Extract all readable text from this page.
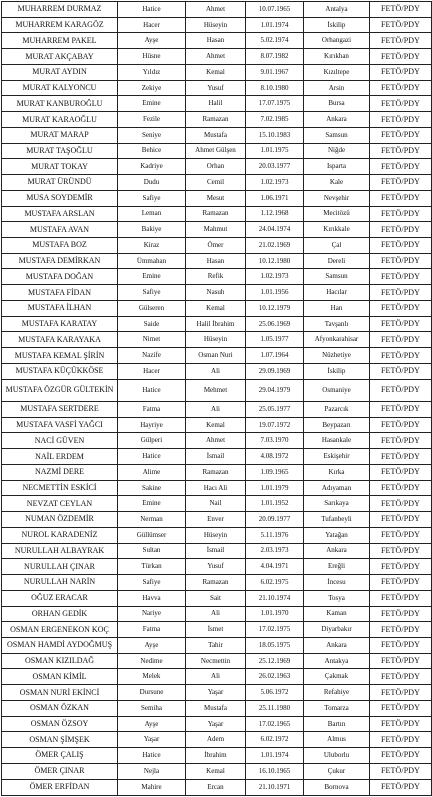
MUHARREM DURMAZ	Hatice	Ahmet	10.07.1965	Antalya	FETÖ/PDY
MUHARREM KARAGÖZ	Hacer	Hüseyin	1.01.1974	İskilip	FETÖ/PDY
MUHARREM PAKEL	Ayşe	Hasan	5.02.1974	Orhangazi	FETÖ/PDY
MURAT AKÇABAY	Hüsne	Ahmet	8.07.1982	Kırıkhan	FETÖ/PDY
MURAT AYDIN	Yıldız	Kemal	9.01.1967	Kızıltepe	FETÖ/PDY
MURAT KALYONCU	Zekiye	Yusuf	8.10.1980	Arsin	FETÖ/PDY
MURAT KANBUROĞLU	Emine	Halil	17.07.1975	Bursa	FETÖ/PDY
MURAT KARAOĞLU	Fezile	Ramazan	7.02.1985	Ankara	FETÖ/PDY
MURAT MARAP	Seniye	Mustafa	15.10.1983	Samsun	FETÖ/PDY
MURAT TAŞOĞLU	Behice	Ahmet Gülşen	1.01.1975	Niğde	FETÖ/PDY
MURAT TOKAY	Kadriye	Orhan	20.03.1977	Isparta	FETÖ/PDY
MURAT ÜRÜNDÜ	Dudu	Cemil	1.02.1973	Kale	FETÖ/PDY
MUSA SOYDEMİR	Safiye	Mesut	1.06.1971	Nevşehir	FETÖ/PDY
MUSTAFA ARSLAN	Leman	Ramazan	1.12.1968	Mecitözü	FETÖ/PDY
MUSTAFA AVAN	Bakiye	Mahmut	24.04.1974	Kırıkkale	FETÖ/PDY
MUSTAFA BOZ	Kiraz	Ömer	21.02.1969	Çal	FETÖ/PDY
MUSTAFA DEMİRKAN	Ümmahan	Hasan	10.12.1980	Dereli	FETÖ/PDY
MUSTAFA DOĞAN	Emine	Refik	1.02.1973	Samsun	FETÖ/PDY
MUSTAFA FİDAN	Safiye	Nasuh	1.01.1956	Hacılar	FETÖ/PDY
MUSTAFA İLHAN	Gülseren	Kemal	10.12.1979	Han	FETÖ/PDY
MUSTAFA KARATAY	Saide	Halil İbrahim	25.06.1969	Tavşanlı	FETÖ/PDY
MUSTAFA KARAYAKA	Nimet	Hüseyin	1.05.1977	Afyonkarahisar	FETÖ/PDY
MUSTAFA KEMAL ŞİRİN	Nazife	Osman Nuri	1.07.1964	Nüzhetiye	FETÖ/PDY
MUSTAFA KÜÇÜKKÖSE	Hacer	Ali	29.09.1969	İskilip	FETÖ/PDY
MUSTAFA ÖZGÜR GÜLTEKİN	Hatice	Mehmet	29.04.1979	Osmaniye	FETÖ/PDY
MUSTAFA SERTDERE	Fatma	Ali	25.05.1977	Pazarcık	FETÖ/PDY
MUSTAFA VASFİ YAĞCI	Hayriye	Kemal	19.07.1972	Beypazarı	FETÖ/PDY
NACİ GÜVEN	Gülperi	Ahmet	7.03.1970	Hasankale	FETÖ/PDY
NAİL ERDEM	Hatice	İsmail	4.08.1972	Eskişehir	FETÖ/PDY
NAZMİ DERE	Alime	Ramazan	1.09.1965	Kırka	FETÖ/PDY
NECMETTİN ESKİCİ	Sakine	Hacı Ali	1.01.1979	Adıyaman	FETÖ/PDY
NEVZAT CEYLAN	Emine	Nail	1.01.1952	Sarıkaya	FETÖ/PDY
NUMAN ÖZDEMİR	Nerman	Enver	20.09.1977	Tufanbeyli	FETÖ/PDY
NUROL KARADENİZ	Güllümser	Hüseyin	5.11.1976	Yatağan	FETÖ/PDY
NURULLAH ALBAYRAK	Sultan	İsmail	2.03.1973	Ankara	FETÖ/PDY
NURULLAH ÇINAR	Türkan	Yusuf	4.04.1971	Ereğli	FETÖ/PDY
NURULLAH NARİN	Safiye	Ramazan	6.02.1975	İncesu	FETÖ/PDY
OĞUZ ERACAR	Havva	Sait	21.10.1974	Tosya	FETÖ/PDY
ORHAN GEDİK	Nariye	Ali	1.01.1970	Kaman	FETÖ/PDY
OSMAN ERGENEKON KOÇ	Fatma	İsmet	17.02.1975	Diyarbakır	FETÖ/PDY
OSMAN HAMDİ AYDOĞMUŞ	Ayşe	Tahir	18.05.1975	Ankara	FETÖ/PDY
OSMAN KIZILDAĞ	Nedime	Necmettin	25.12.1969	Antakya	FETÖ/PDY
OSMAN KİMİL	Melek	Ali	26.02.1963	Çakmak	FETÖ/PDY
OSMAN NURİ EKİNCİ	Dursune	Yaşar	5.06.1972	Refahiye	FETÖ/PDY
OSMAN ÖZKAN	Semiha	Mustafa	25.11.1980	Tomarza	FETÖ/PDY
OSMAN ÖZSOY	Ayşe	Yaşar	17.02.1965	Bartın	FETÖ/PDY
OSMAN ŞİMŞEK	Yaşar	Adem	6.02.1972	Almus	FETÖ/PDY
ÖMER ÇALIŞ	Hatice	İbrahim	1.01.1974	Uluborlu	FETÖ/PDY
ÖMER ÇINAR	Nejla	Kemal	16.10.1965	Çukur	FETÖ/PDY
ÖMER ERFİDAN	Mahire	Ercan	21.10.1971	Bornova	FETÖ/PDY
